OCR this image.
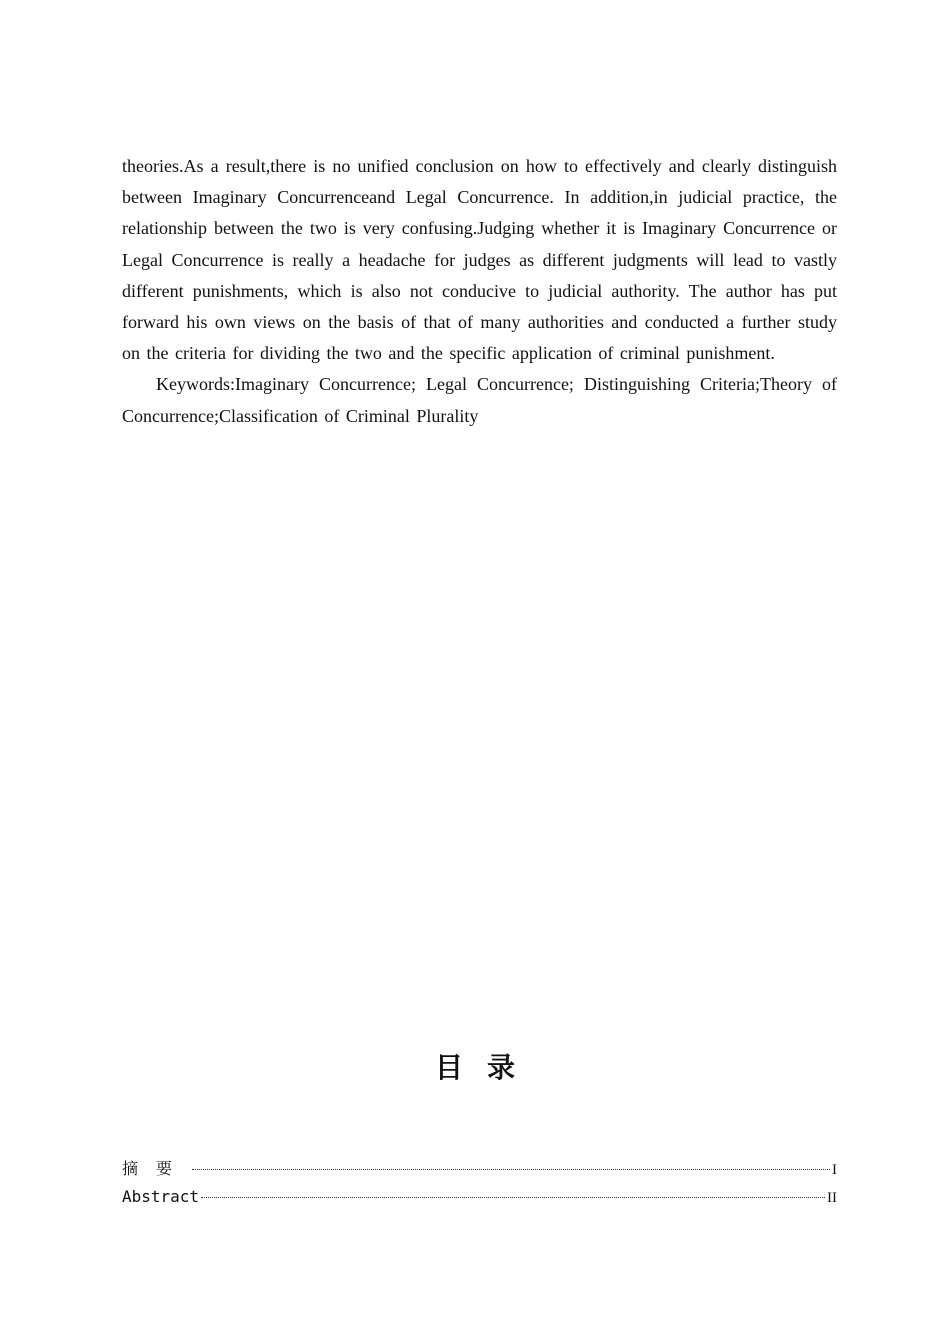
theories.As a result,there is no unified conclusion on how to effectively and clearly distinguish between Imaginary Concurrenceand Legal Concurrence. In addition,in judicial practice, the relationship between the two is very confusing.Judging whether it is Imaginary Concurrence or Legal Concurrence is really a headache for judges as different judgments will lead to vastly different punishments, which is also not conducive to judicial authority. The author has put forward his own views on the basis of that of many authorities and conducted a further study on the criteria for dividing the two and the specific application of criminal punishment.

Keywords:Imaginary Concurrence; Legal Concurrence; Distinguishing Criteria;Theory of Concurrence;Classification of Criminal Plurality

目录
摘要	I
Abstract	II
